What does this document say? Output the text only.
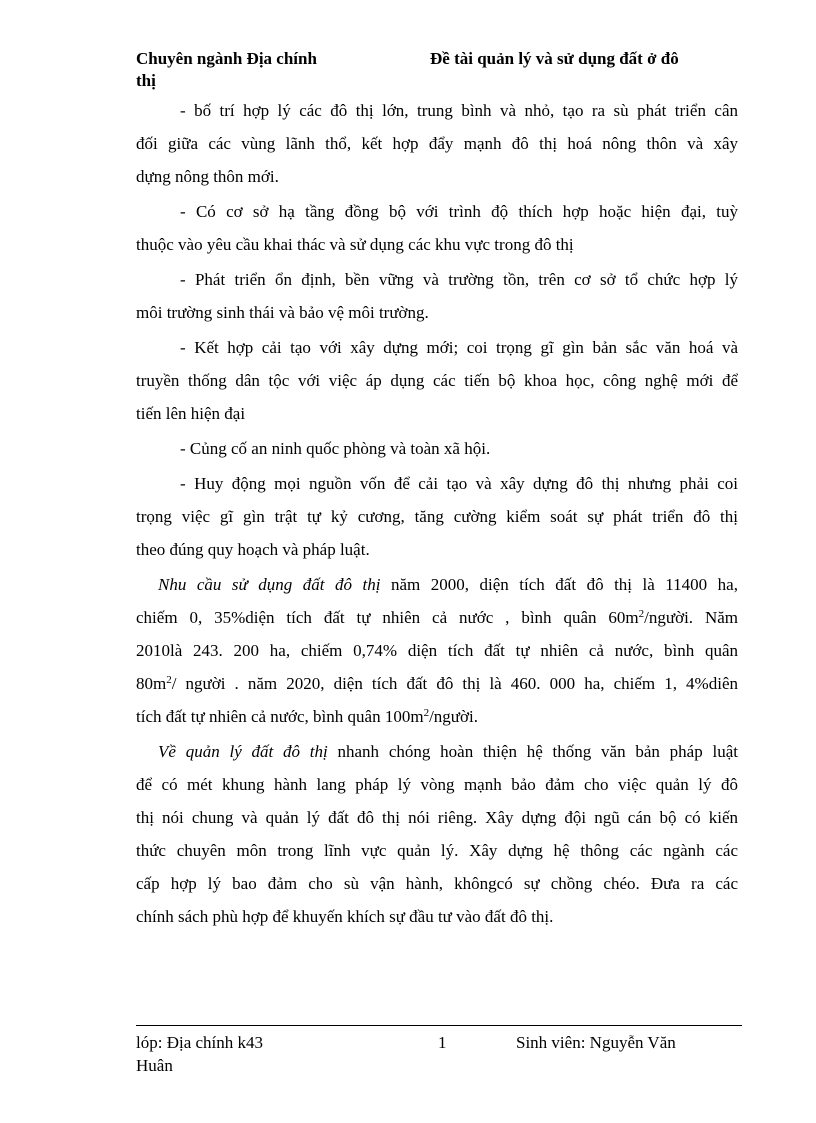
Chuyên ngành Địa chính	Đề tài quản lý và sử dụng đất ở đô
thị
- bố trí hợp lý các đô thị lớn, trung bình và nhỏ, tạo ra sù phát triển cân
đối giữa các vùng lãnh thổ, kết hợp đẩy mạnh đô thị hoá nông thôn và xây
dựng nông thôn mới.
- Có cơ sở hạ tầng đồng bộ với trình độ thích hợp hoặc hiện đại, tuỳ
thuộc vào yêu cầu khai thác và sử dụng các khu vực trong đô thị
- Phát triển ổn định, bền vững và trường tồn, trên cơ sở tổ chức hợp lý
môi trường sinh thái và bảo vệ môi trường.
- Kết hợp cải tạo với xây dựng mới; coi trọng gĩ gìn bản sắc văn hoá và
truyền thống dân tộc với việc áp dụng các tiến bộ khoa học, công nghệ mới để
tiến lên hiện đại
- Củng cố an ninh quốc phòng và toàn xã hội.
- Huy động mọi nguồn vốn để cải tạo và xây dựng đô thị nhưng phải coi
trọng việc gĩ gìn trật tự kỷ cương, tăng cường kiểm soát sự phát triển đô thị
theo đúng quy hoạch và pháp luật.
Nhu cầu sử dụng đất đô thị năm 2000, diện tích đất đô thị là 11400 ha,
chiếm 0, 35%diện tích đất tự nhiên cả nước , bình quân $60m^2$/người. Năm
2010là 243. 200 ha, chiếm 0,74% diện tích đất tự nhiên cả nước, bình quân
$80m^2/$ người . năm 2020, diện tích đất đô thị là 460. 000 ha, chiếm 1, 4%diên
tích đất tự nhiên cả nước, bình quân $100m^2$/người.
Về quản lý đất đô thị nhanh chóng hoàn thiện hệ thống văn bản pháp luật
để có mét khung hành lang pháp lý vòng mạnh bảo đảm cho việc quản lý đô
thị nói chung và quản lý đất đô thị nói riêng. Xây dựng đội ngũ cán bộ có kiến
thức chuyên môn trong lĩnh vực quản lý. Xây dựng hệ thông các ngành các
cấp hợp lý bao đảm cho sù vận hành, khôngcó sự chồng chéo. Đưa ra các
chính sách phù hợp để khuyến khích sự đầu tư vào đất đô thị.
lóp: Địa chính k43
Huân
1	Sinh viên: Nguyễn Văn
